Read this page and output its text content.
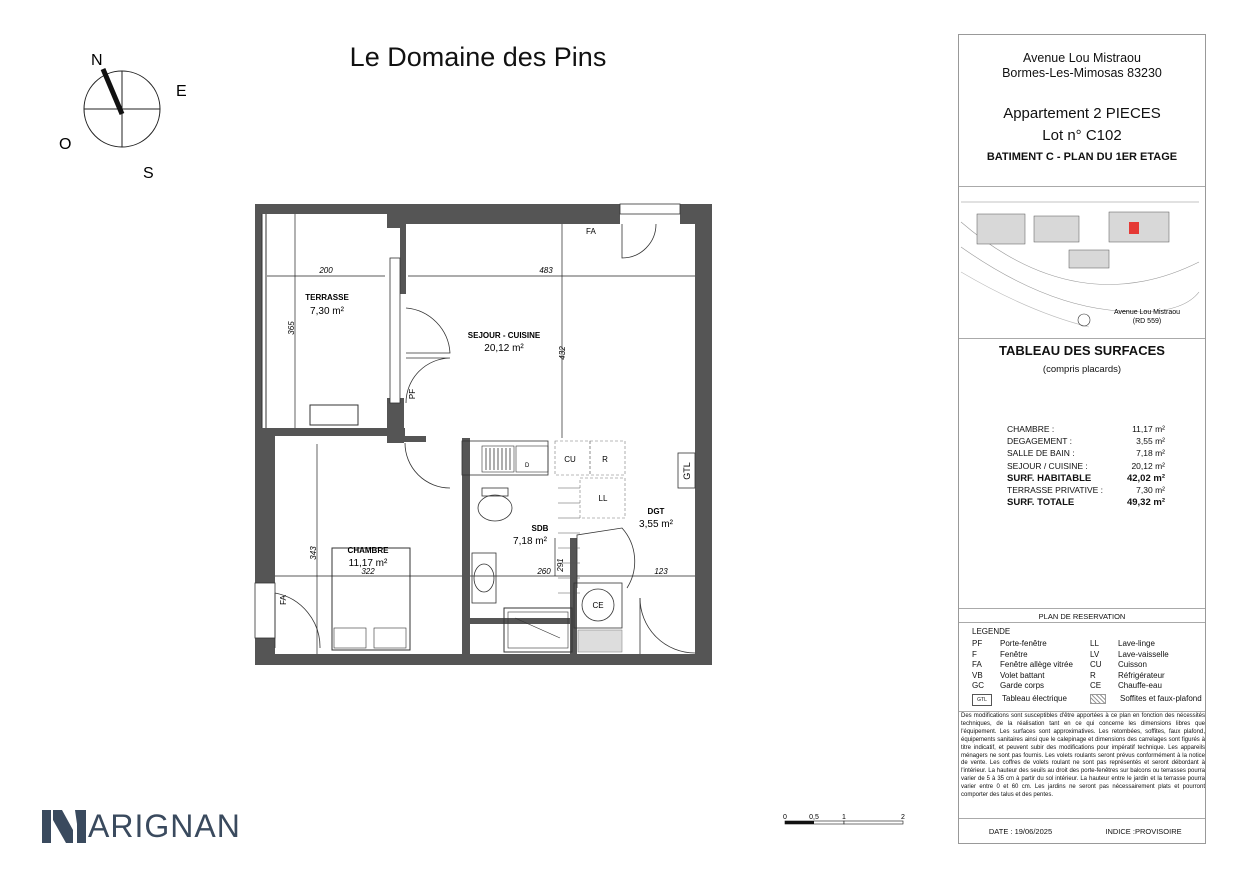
Le Domaine des Pins
N
E
S
O
TERRASSE
7,30 m²
SEJOUR - CUISINE
20,12 m²
CHAMBRE
11,17 m²
SDB
7,18 m²
DGT
3,55 m²
200	483
365
432
343
322	260 291	123
FA
FA
PF
CU	R
LL
CE
D	GTL
Avenue Lou Mistraou
Bormes-Les-Mimosas 83230
Appartement 2 PIECES
Lot n° C102
BATIMENT C - PLAN DU 1ER ETAGE
Avenue Lou Mistraou
(RD 559)
TABLEAU DES SURFACES
(compris placards)
CHAMBRE :	11,17 m²
DEGAGEMENT :	3,55 m²
SALLE DE BAIN :	7,18 m²
SEJOUR / CUISINE :	20,12 m²
SURF. HABITABLE	42,02 m²
TERRASSE PRIVATIVE :	7,30 m²
SURF. TOTALE	49,32 m²
PLAN DE RESERVATION
LEGENDE
PF	Porte-fenêtre
F	Fenêtre
FA	Fenêtre allège vitrée
VB	Volet battant
GC	Garde corps
GTL	Tableau électrique
LL	Lave-linge
LV	Lave-vaisselle
CU	Cuisson
R	Réfrigérateur
CE	Chauffe-eau
Soffites et faux-plafond
Des modifications sont susceptibles d'être apportées à ce plan en fonction des nécessités techniques, de la réalisation tant en ce qui concerne les dimensions libres que l'équipement. Les surfaces sont approximatives. Les retombées, soffites, faux plafond, équipements sanitaires ainsi que le calepinage et dimensions des carrelages sont figurés à titre indicatif, et peuvent subir des modifications pour impératif technique. Les appareils ménagers ne sont pas fournis. Les volets roulants seront prévus conformément à la notice de vente. Les coffres de volets roulant ne sont pas représentés et seront débordant à l'intérieur. La hauteur des seuils au droit des porte-fenêtres sur balcons ou terrasses pourra varier de 5 à 35 cm à partir du sol intérieur. La hauteur entre le jardin et la terrasse pourra varier entre 0 et 60 cm. Les jardins ne seront pas nécessairement plats et pourront comporter des talus et des pentes.
DATE : 19/06/2025	INDICE :PROVISOIRE
0	0,5	1	2
ARIGNAN
